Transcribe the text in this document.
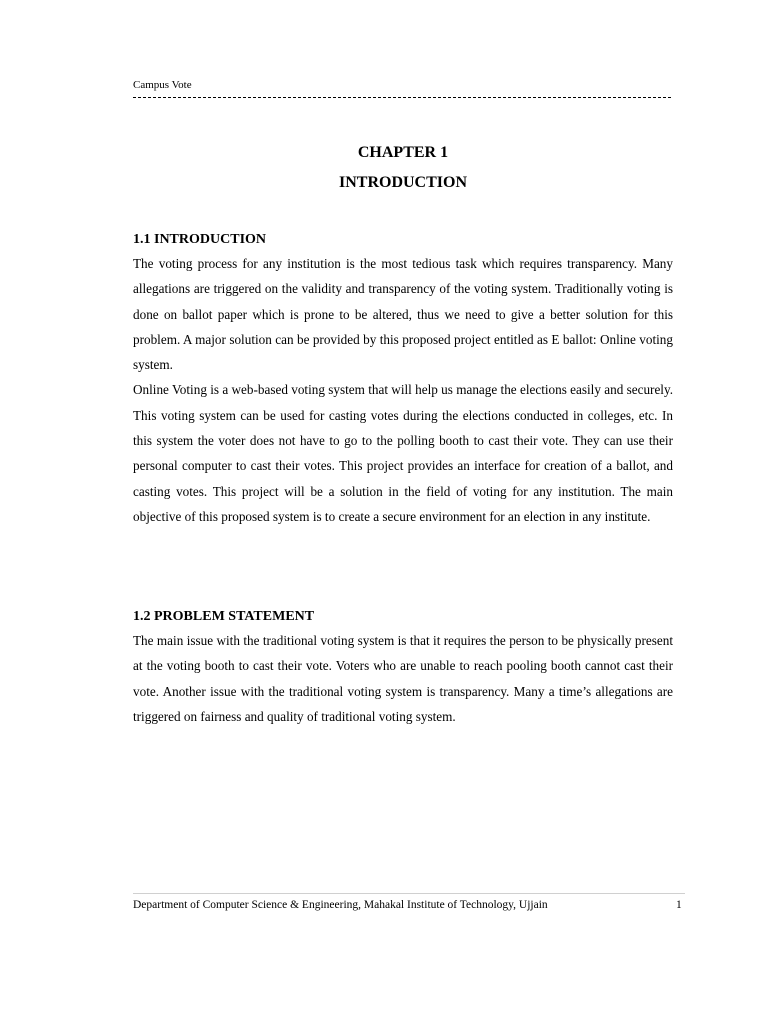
Campus Vote
CHAPTER 1
INTRODUCTION
1.1 INTRODUCTION

The voting process for any institution is the most tedious task which requires transparency. Many allegations are triggered on the validity and transparency of the voting system. Traditionally voting is done on ballot paper which is prone to be altered, thus we need to give a better solution for this problem. A major solution can be provided by this proposed project entitled as E ballot: Online voting system.

Online Voting is a web-based voting system that will help us manage the elections easily and securely. This voting system can be used for casting votes during the elections conducted in colleges, etc. In this system the voter does not have to go to the polling booth to cast their vote. They can use their personal computer to cast their votes. This project provides an interface for creation of a ballot, and casting votes. This project will be a solution in the field of voting for any institution. The main objective of this proposed system is to create a secure environment for an election in any institute.

1.2 PROBLEM STATEMENT

The main issue with the traditional voting system is that it requires the person to be physically present at the voting booth to cast their vote. Voters who are unable to reach pooling booth cannot cast their vote. Another issue with the traditional voting system is transparency. Many a time’s allegations are triggered on fairness and quality of traditional voting system.

Department of Computer Science & Engineering, Mahakal Institute of Technology, Ujjain	1
